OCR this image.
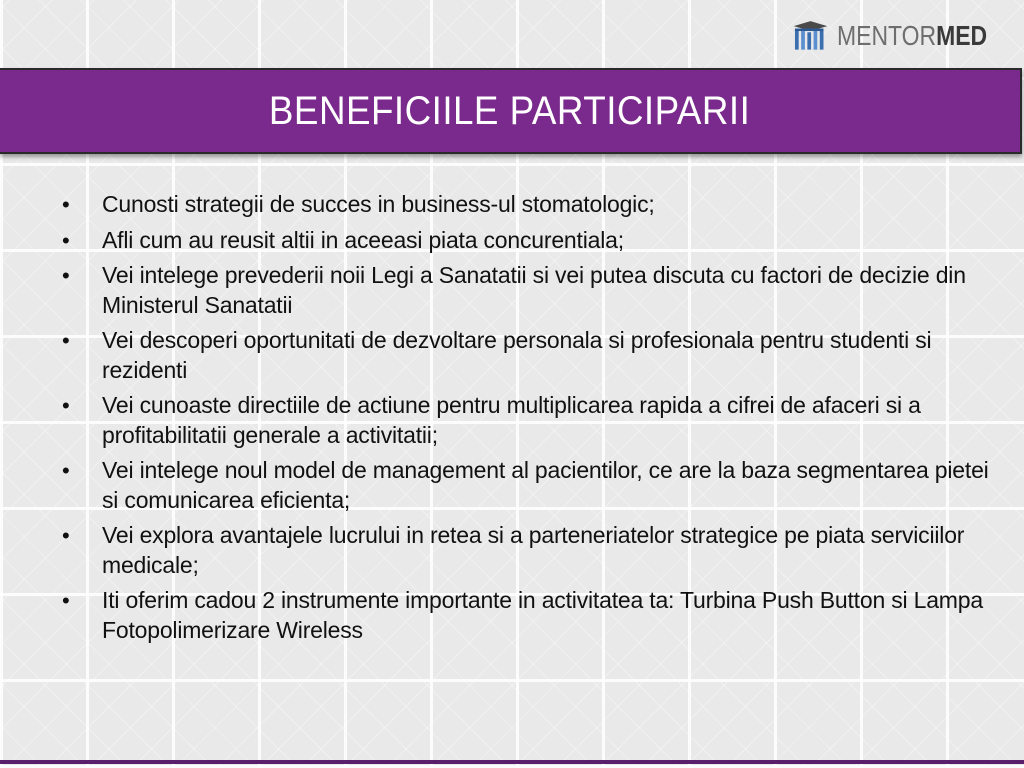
MENTORMED
BENEFICIILE PARTICIPARII
• Cunosti strategii de succes in business-ul stomatologic;
• Afli cum au reusit altii in aceeasi piata concurentiala;
• Vei intelege prevederii noii Legi a Sanatatii si vei putea discuta cu factori de decizie din Ministerul Sanatatii
• Vei descoperi oportunitati de dezvoltare personala si profesionala pentru studenti si rezidenti
• Vei cunoaste directiile de actiune pentru multiplicarea rapida a cifrei de afaceri si a profitabilitatii generale a activitatii;
• Vei intelege noul model de management al pacientilor, ce are la baza segmentarea pietei si comunicarea eficienta;
• Vei explora avantajele lucrului in retea si a parteneriatelor strategice pe piata serviciilor medicale;
• Iti oferim cadou 2 instrumente importante in activitatea ta: Turbina Push Button si Lampa Fotopolimerizare Wireless
